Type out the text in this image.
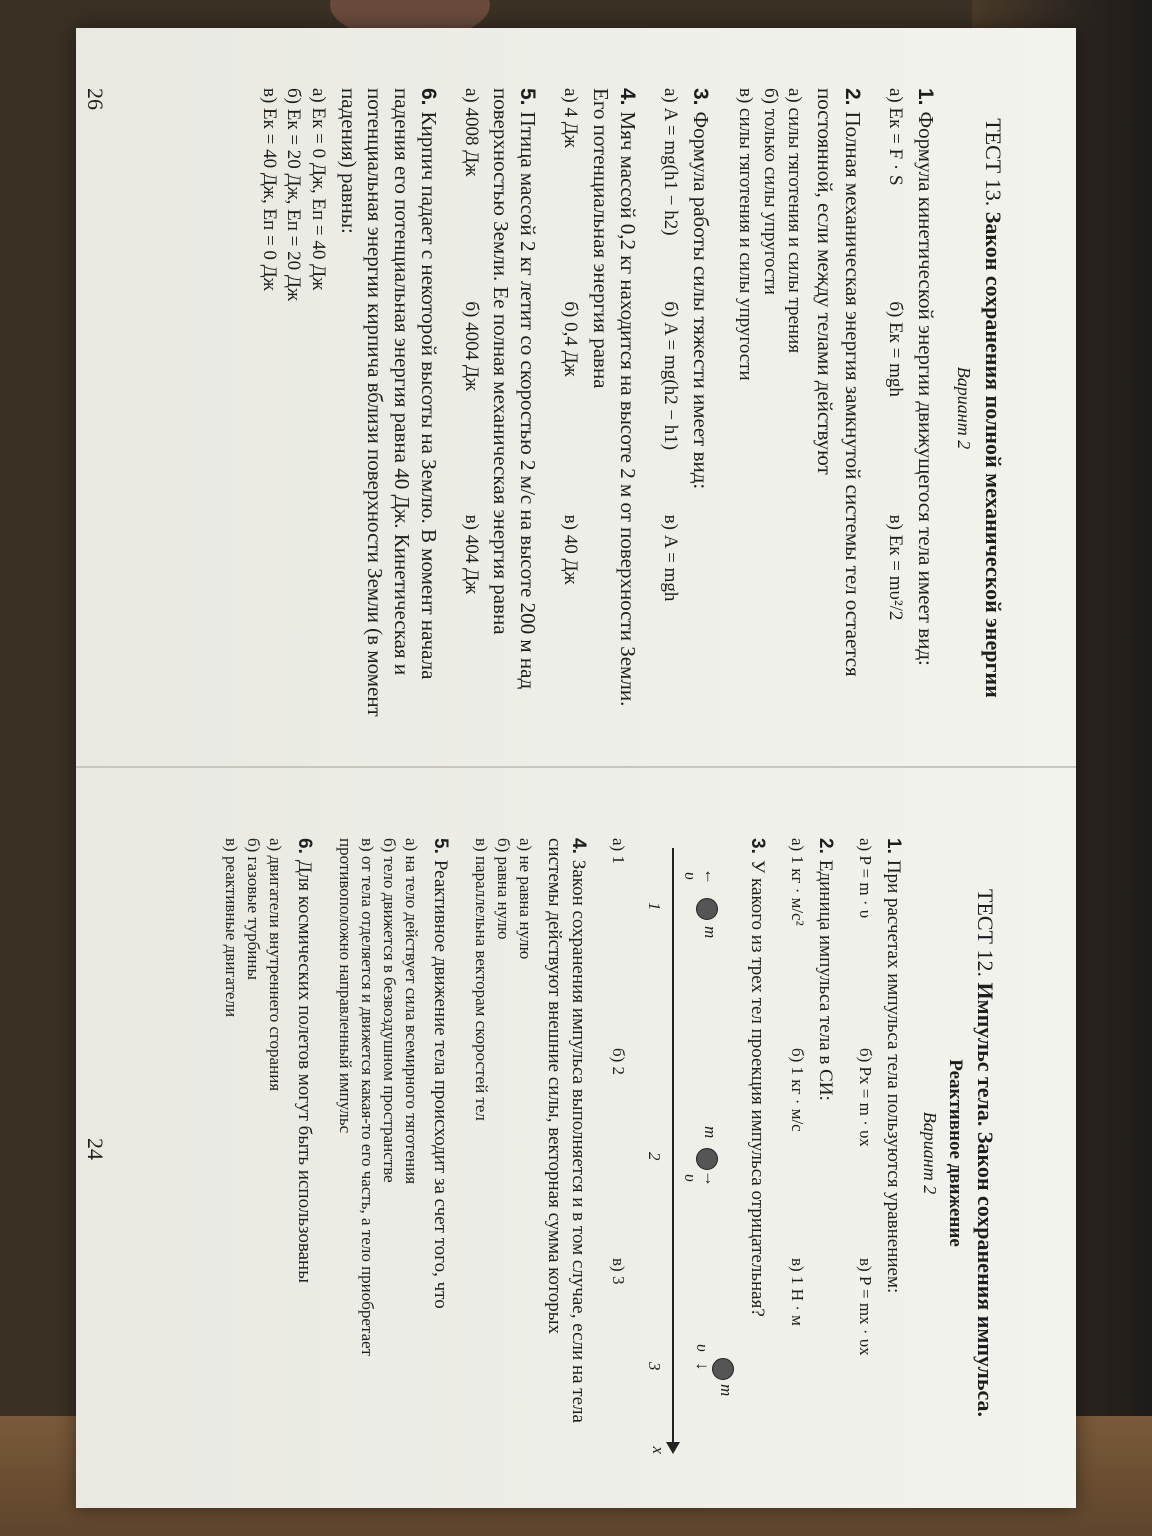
ТЕСТ 13. Закон сохранения полной механической энергии
Вариант 2
1.Формула кинетической энергии движущегося тела имеет вид:
а) Eк = F · S
б) Eк = mgh
в) Eк = mυ²/2
2.Полная механическая энергия замкнутой системы тел остается постоянной, если между телами действуют
а) силы тяготения и силы трения
б) только силы упругости
в) силы тяготения и силы упругости
3.Формула работы силы тяжести имеет вид:
а) A = mg(h1 − h2)
б) A = mg(h2 − h1)
в) A = mgh
4.Мяч массой 0,2 кг находится на высоте 2 м от поверхности Земли. Его потенциальная энергия равна
а) 4 Дж
б) 0,4 Дж
в) 40 Дж
5.Птица массой 2 кг летит со скоростью 2 м/с на высоте 200 м над поверхностью Земли. Ее полная механическая энергия равна
а) 4008 Дж
б) 4004 Дж
в) 404 Дж
6.Кирпич падает с некоторой высоты на Землю. В момент начала падения его потенциальная энергия равна 40 Дж. Кинетическая и потенциальная энергии кирпича вблизи поверхности Земли (в момент падения) равны:
а) Eк = 0 Дж, Eп = 40 Дж
б) Eк = 20 Дж, Eп = 20 Дж
в) Eк = 40 Дж, Eп = 0 Дж
26
ТЕСТ 12. Импульс тела. Закон сохранения импульса.
Реактивное движение
Вариант 2
1.При расчетах импульса тела пользуются уравнением:
а) P = m · υ
б) Px = m · υx
в) P = mx · υx
2.Единица импульса тела в СИ:
а) 1 кг · м/с²
б) 1 кг · м/с
в) 1 Н · м
3.У какого из трех тел проекция импульса отрицательная?
x
m
←
υ
1
m
→
υ
2
m
↓
υ
3
а) 1
б) 2
в) 3
4.Закон сохранения импульса выполняется и в том случае, если на тела системы действуют внешние силы, векторная сумма которых
а) не равна нулю
б) равна нулю
в) параллельна векторам скоростей тел
5.Реактивное движение тела происходит за счет того, что
а) на тело действует сила всемирного тяготения
б) тело движется в безвоздушном пространстве
в) от тела отделяется и движется какая-то его часть, а тело приобретает противоположно направленный импульс
6.Для космических полетов могут быть использованы
а) двигатели внутреннего сгорания
б) газовые турбины
в) реактивные двигатели
24
